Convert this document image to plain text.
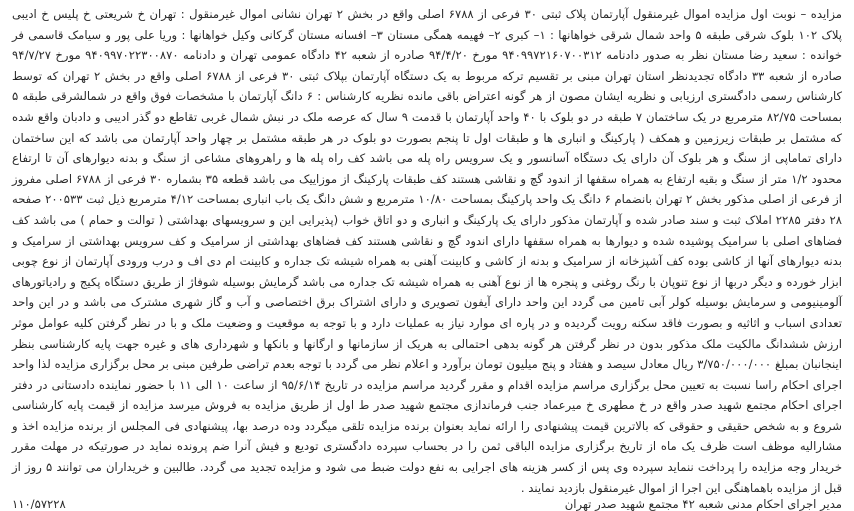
مزایده – نوبت اول مزایده اموال غیرمنقول آپارتمان پلاک ثبتی ۳۰ فرعی از ۶۷۸۸ اصلی واقع در بخش ۲ تهران نشانی اموال غیرمنقول : تهران خ شریعتی خ پلیس خ ادیبی پلاک ۱۰۲ بلوک شرقی طبقه ۵ واحد شمال شرقی خواهانها : ۱– کبری ۲– فهیمه همگی مستان ۳– افسانه مستان گرکانی وکیل خواهانها : وریا علی پور و سیامک قاسمی فر خوانده : سعید رضا مستان نظر به صدور دادنامه ۹۴۰۹۹۷۲۱۶۰۷۰۰۳۱۲ مورخ ۹۴/۴/۲۰ صادره از شعبه ۴۲ دادگاه عمومی تهران و دادنامه ۹۴۰۹۹۷۰۲۲۳۰۰۸۷۰ مورخ ۹۴/۷/۲۷ صادره از شعبه ۳۳ دادگاه تجدیدنظر استان تهران مبنی بر تقسیم ترکه مربوط به یک دستگاه آپارتمان بپلاک ثبتی ۳۰ فرعی از ۶۷۸۸ اصلی واقع در بخش ۲ تهران که توسط کارشناس رسمی دادگستری ارزیابی و نظریه ایشان مصون از هر گونه اعتراض باقی مانده نظریه کارشناس : ۶ دانگ آپارتمان با مشخصات فوق واقع در شمالشرقی طبقه ۵ بمساحت ۸۲/۷۵ مترمربع در یک ساختمان ۷ طبقه در دو بلوک با ۴۰ واحد آپارتمان با قدمت ۹ سال که عرصه ملک در نبش شمال غربی تقاطع دو گذر ادیبی و دادبان واقع شده که مشتمل بر طبقات زیرزمین و همکف ( پارکینگ و انباری ها و طبقات اول تا پنجم بصورت دو بلوک در هر طبقه مشتمل بر چهار واحد آپارتمان می باشد که این ساختمان دارای تماماپی از سنگ و هر بلوک آن دارای یک دستگاه آسانسور و یک سرویس راه پله می باشد کف راه پله ها و راهروهای مشاعی از سنگ و بدنه دیوارهای آن تا ارتفاع محدود ۱/۲ متر از سنگ و بقیه ارتفاع به همراه سقفها از اندود گچ و نقاشی هستند کف طبقات پارکینگ از موزاییک می باشد قطعه ۳۵ بشماره ۳۰ فرعی از ۶۷۸۸ اصلی مفروز از فرعی از اصلی مذکور بخش ۲ تهران بانضمام ۶ دانگ یک واحد پارکینگ بمساحت ۱۰/۸۰ مترمربع و شش دانگ یک باب انباری بمساحت ۴/۱۲ مترمربع ذیل ثبت ۲۰۰۵۳۳ صفحه ۲۸ دفتر ۲۲۸۵ املاک ثبت و سند صادر شده و آپارتمان مذکور دارای یک پارکینگ و انباری و دو اتاق خواب (پذیرایی این و سرویسهای بهداشتی ( توالت و حمام ) می باشد کف فضاهای اصلی با سرامیک پوشیده شده و دیوارها به همراه سقفها دارای اندود گچ و نقاشی هستند کف فضاهای بهداشتی از سرامیک و کف سرویس بهداشتی از سرامیک و بدنه دیوارهای آنها از کاشی بوده کف آشپزخانه از سرامیک و بدنه از کاشی و کابینت آهنی به همراه شیشه تک جداره و کابینت ام دی اف و درب ورودی آپارتمان از نوع چوبی ابزار خورده و دیگر دربها از نوع تنوپان با رنگ روغنی و پنجره ها از نوع آهنی به همراه شیشه تک جداره می باشد گرمایش بوسیله شوفاژ از طریق دستگاه پکیج و رادیاتورهای آلومینیومی و سرمایش بوسیله کولر آبی تامین می گردد این واحد دارای آیفون تصویری و دارای اشتراک برق اختصاصی و آب و گاز شهری مشترک می باشد و در این واحد تعدادی اسباب و اثاثیه و بصورت فاقد سکنه رویت گردیده و در پاره ای موارد نیاز به عملیات دارد و با توجه به موقعیت و وضعیت ملک و با در نظر گرفتن کلیه عوامل موثر ارزش ششدانگ مالکیت ملک مذکور بدون در نظر گرفتن هر گونه بدهی احتمالی به هریک از سازمانها و ارگانها و بانکها و شهرداری های و غیره جهت پایه کارشناسی بنظر اینجانبان بمبلغ ۳/۷۵۰/۰۰۰/۰۰۰ ریال معادل سیصد و هفتاد و پنج میلیون تومان برآورد و اعلام نظر می گردد با توجه بعدم تراضی طرفین مبنی بر محل برگزاری مزایده لذا واحد اجرای احکام راسا نسبت به تعیین محل برگزاری مراسم مزایده اقدام و مقرر گردید مراسم مزایده در تاریخ ۹۵/۶/۱۴ از ساعت ۱۰ الی ۱۱ با حضور نماینده دادستانی در دفتر اجرای احکام مجتمع شهید صدر واقع در خ مطهری خ میرعماد جنب فرماندازی مجتمع شهید صدر ط اول از طریق مزایده به فروش میرسد مزایده از قیمت پایه کارشناسی شروع و به شخص حقیقی و حقوقی که بالاترین قیمت پیشنهادی را ارائه نماید بعنوان برنده مزایده تلقی میگردد وده درصد بها، پیشنهادی فی المجلس از برنده مزایده اخذ و مشارالیه موظف است ظرف یک ماه از تاریخ برگزاری مزایده الباقی ثمن را در بحساب سپرده دادگستری تودیع و فیش آنرا ضم پرونده نماید در صورتیکه در مهلت مقرر خریدار وجه مزایده را پرداخت ننماید سپرده وی پس از کسر هزینه های اجرایی به نفع دولت ضبط می شود و مزایده تجدید می گردد. طالبین و خریداران می توانند ۵ روز از قبل از مزایده باهماهنگی این اجرا از اموال غیرمنقول بازدید نمایند .

مدیر اجرای احکام مدنی شعبه ۴۲ مجتمع شهید صدر تهران
۱۱۰/۵۷۲۲۸
